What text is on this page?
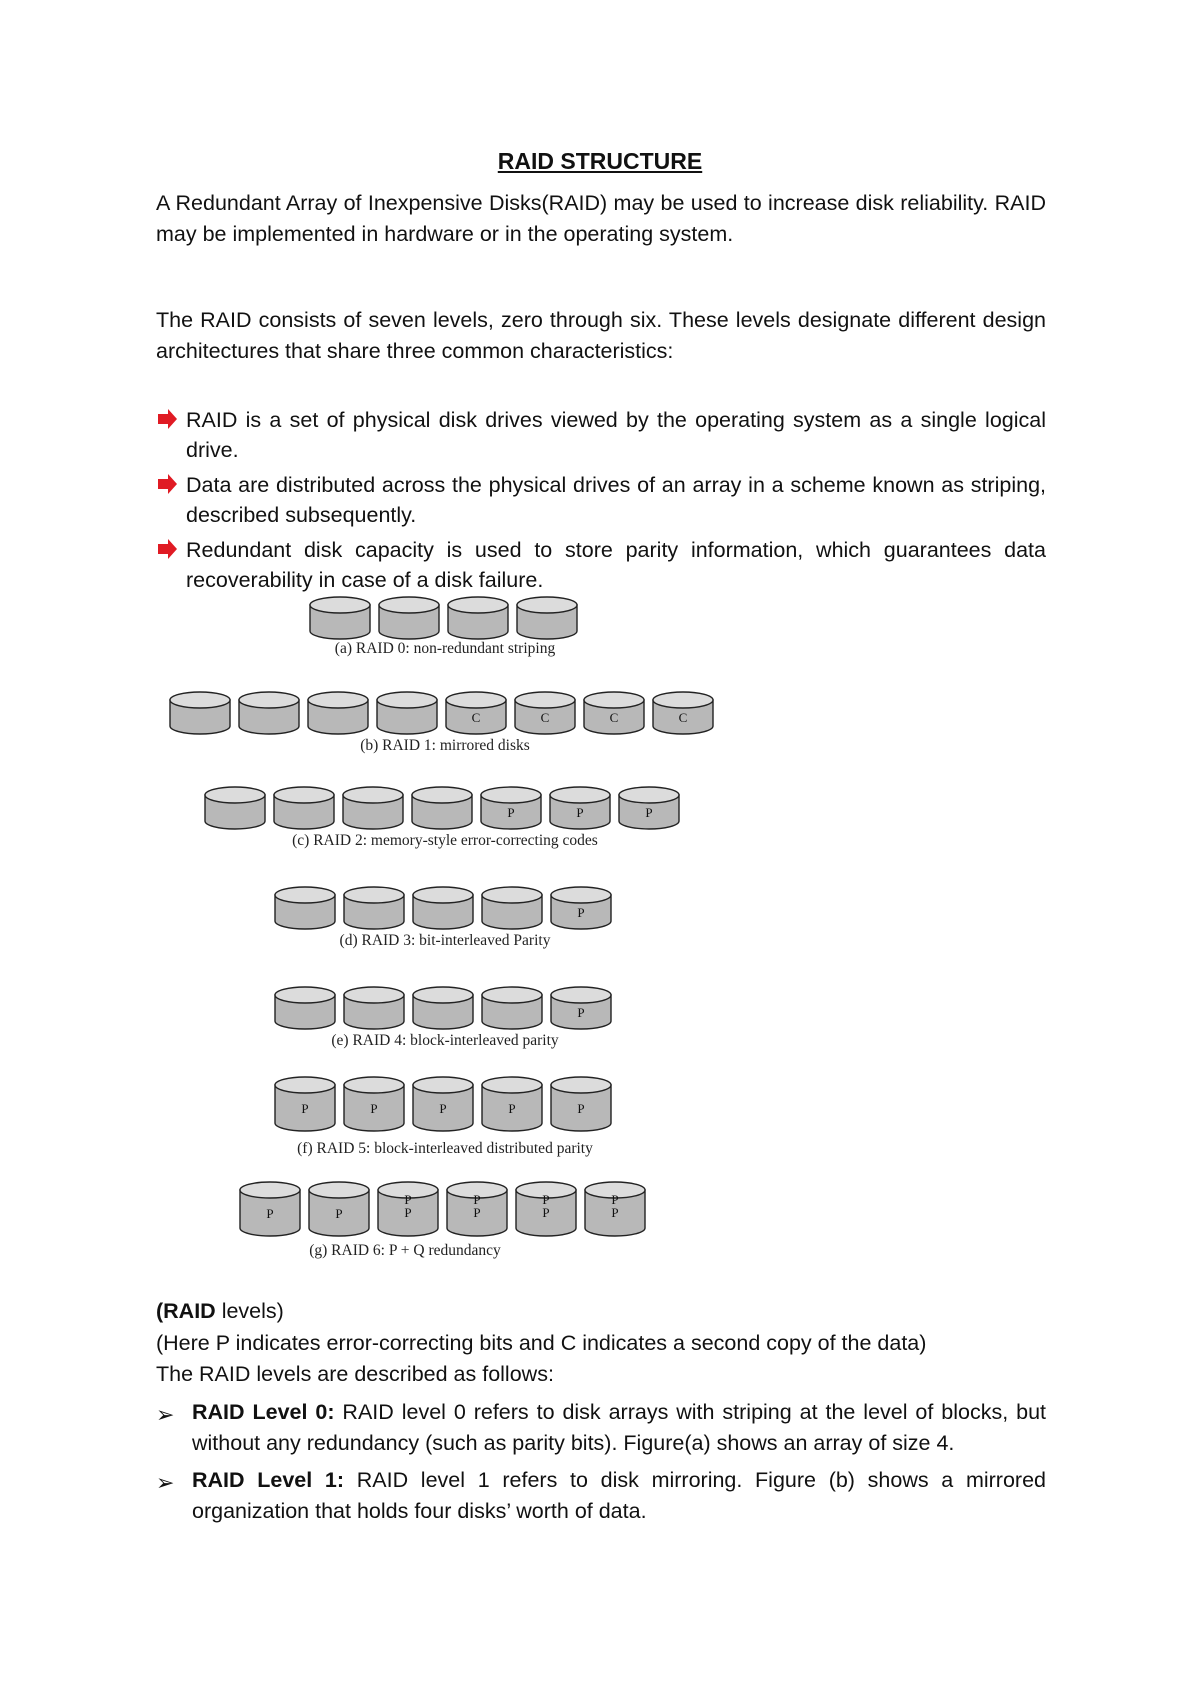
RAID STRUCTURE
A Redundant Array of Inexpensive Disks(RAID) may be used to increase disk reliability. RAID may be implemented in hardware or in the operating system.
The RAID consists of seven levels, zero through six. These levels designate different design architectures that share three common characteristics:
RAID is a set of physical disk drives viewed by the operating system as a single logical drive.
Data are distributed across the physical drives of an array in a scheme known as striping, described subsequently.
Redundant disk capacity is used to store parity information, which guarantees data recoverability in case of a disk failure.
(a) RAID 0: non-redundant striping
C	C	C	C
(b) RAID 1: mirrored disks
P	P	P
(c) RAID 2: memory-style error-correcting codes
P
(d) RAID 3: bit-interleaved Parity
P
(e) RAID 4: block-interleaved parity
P	P	P	P	P
(f) RAID 5: block-interleaved distributed parity
P	P
P
P
P
P
P
P
P
P
(g) RAID 6: P + Q redundancy
(RAID levels)
(Here P indicates error-correcting bits and C indicates a second copy of the data)
The RAID levels are described as follows:
➢ RAID Level 0: RAID level 0 refers to disk arrays with striping at the level of blocks, but without any redundancy (such as parity bits). Figure(a) shows an array of size 4.
➢ RAID Level 1: RAID level 1 refers to disk mirroring. Figure (b) shows a mirrored organization that holds four disks’ worth of data.
